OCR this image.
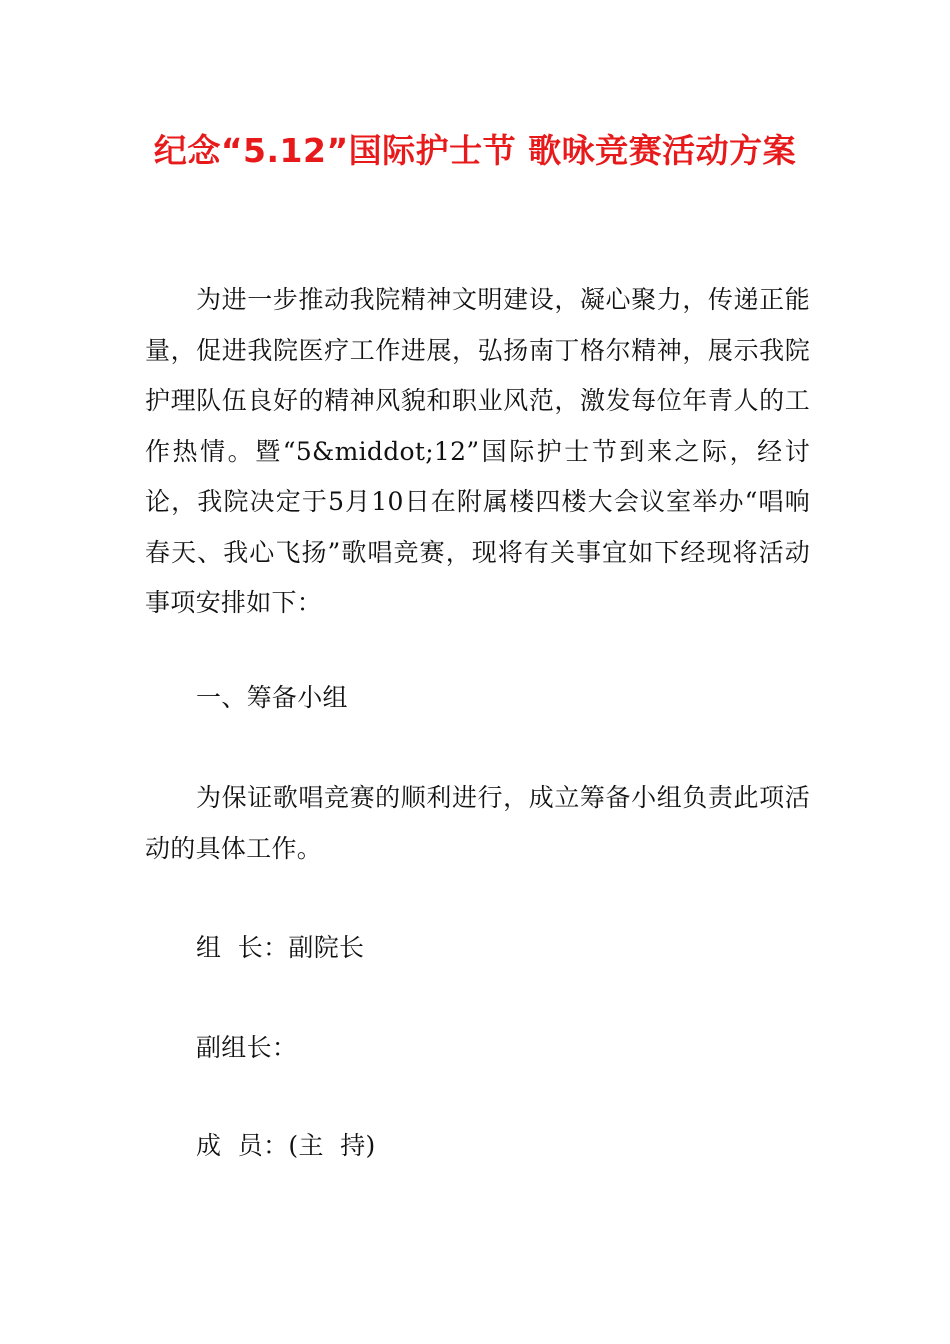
纪念“5.12”国际护士节 歌咏竞赛活动方案

为进一步推动我院精神文明建设，凝心聚力，传递正能量，促进我院医疗工作进展，弘扬南丁格尔精神，展示我院护理队伍良好的精神风貌和职业风范，激发每位年青人的工作热情。暨“5&middot;12”国际护士节到来之际，经讨论，我院决定于5月10日在附属楼四楼大会议室举办“唱响春天、我心飞扬”歌唱竞赛，现将有关事宜如下经现将活动事项安排如下：

一、筹备小组

为保证歌唱竞赛的顺利进行，成立筹备小组负责此项活动的具体工作。

组  长：副院长

副组长：

成  员：(主  持)
